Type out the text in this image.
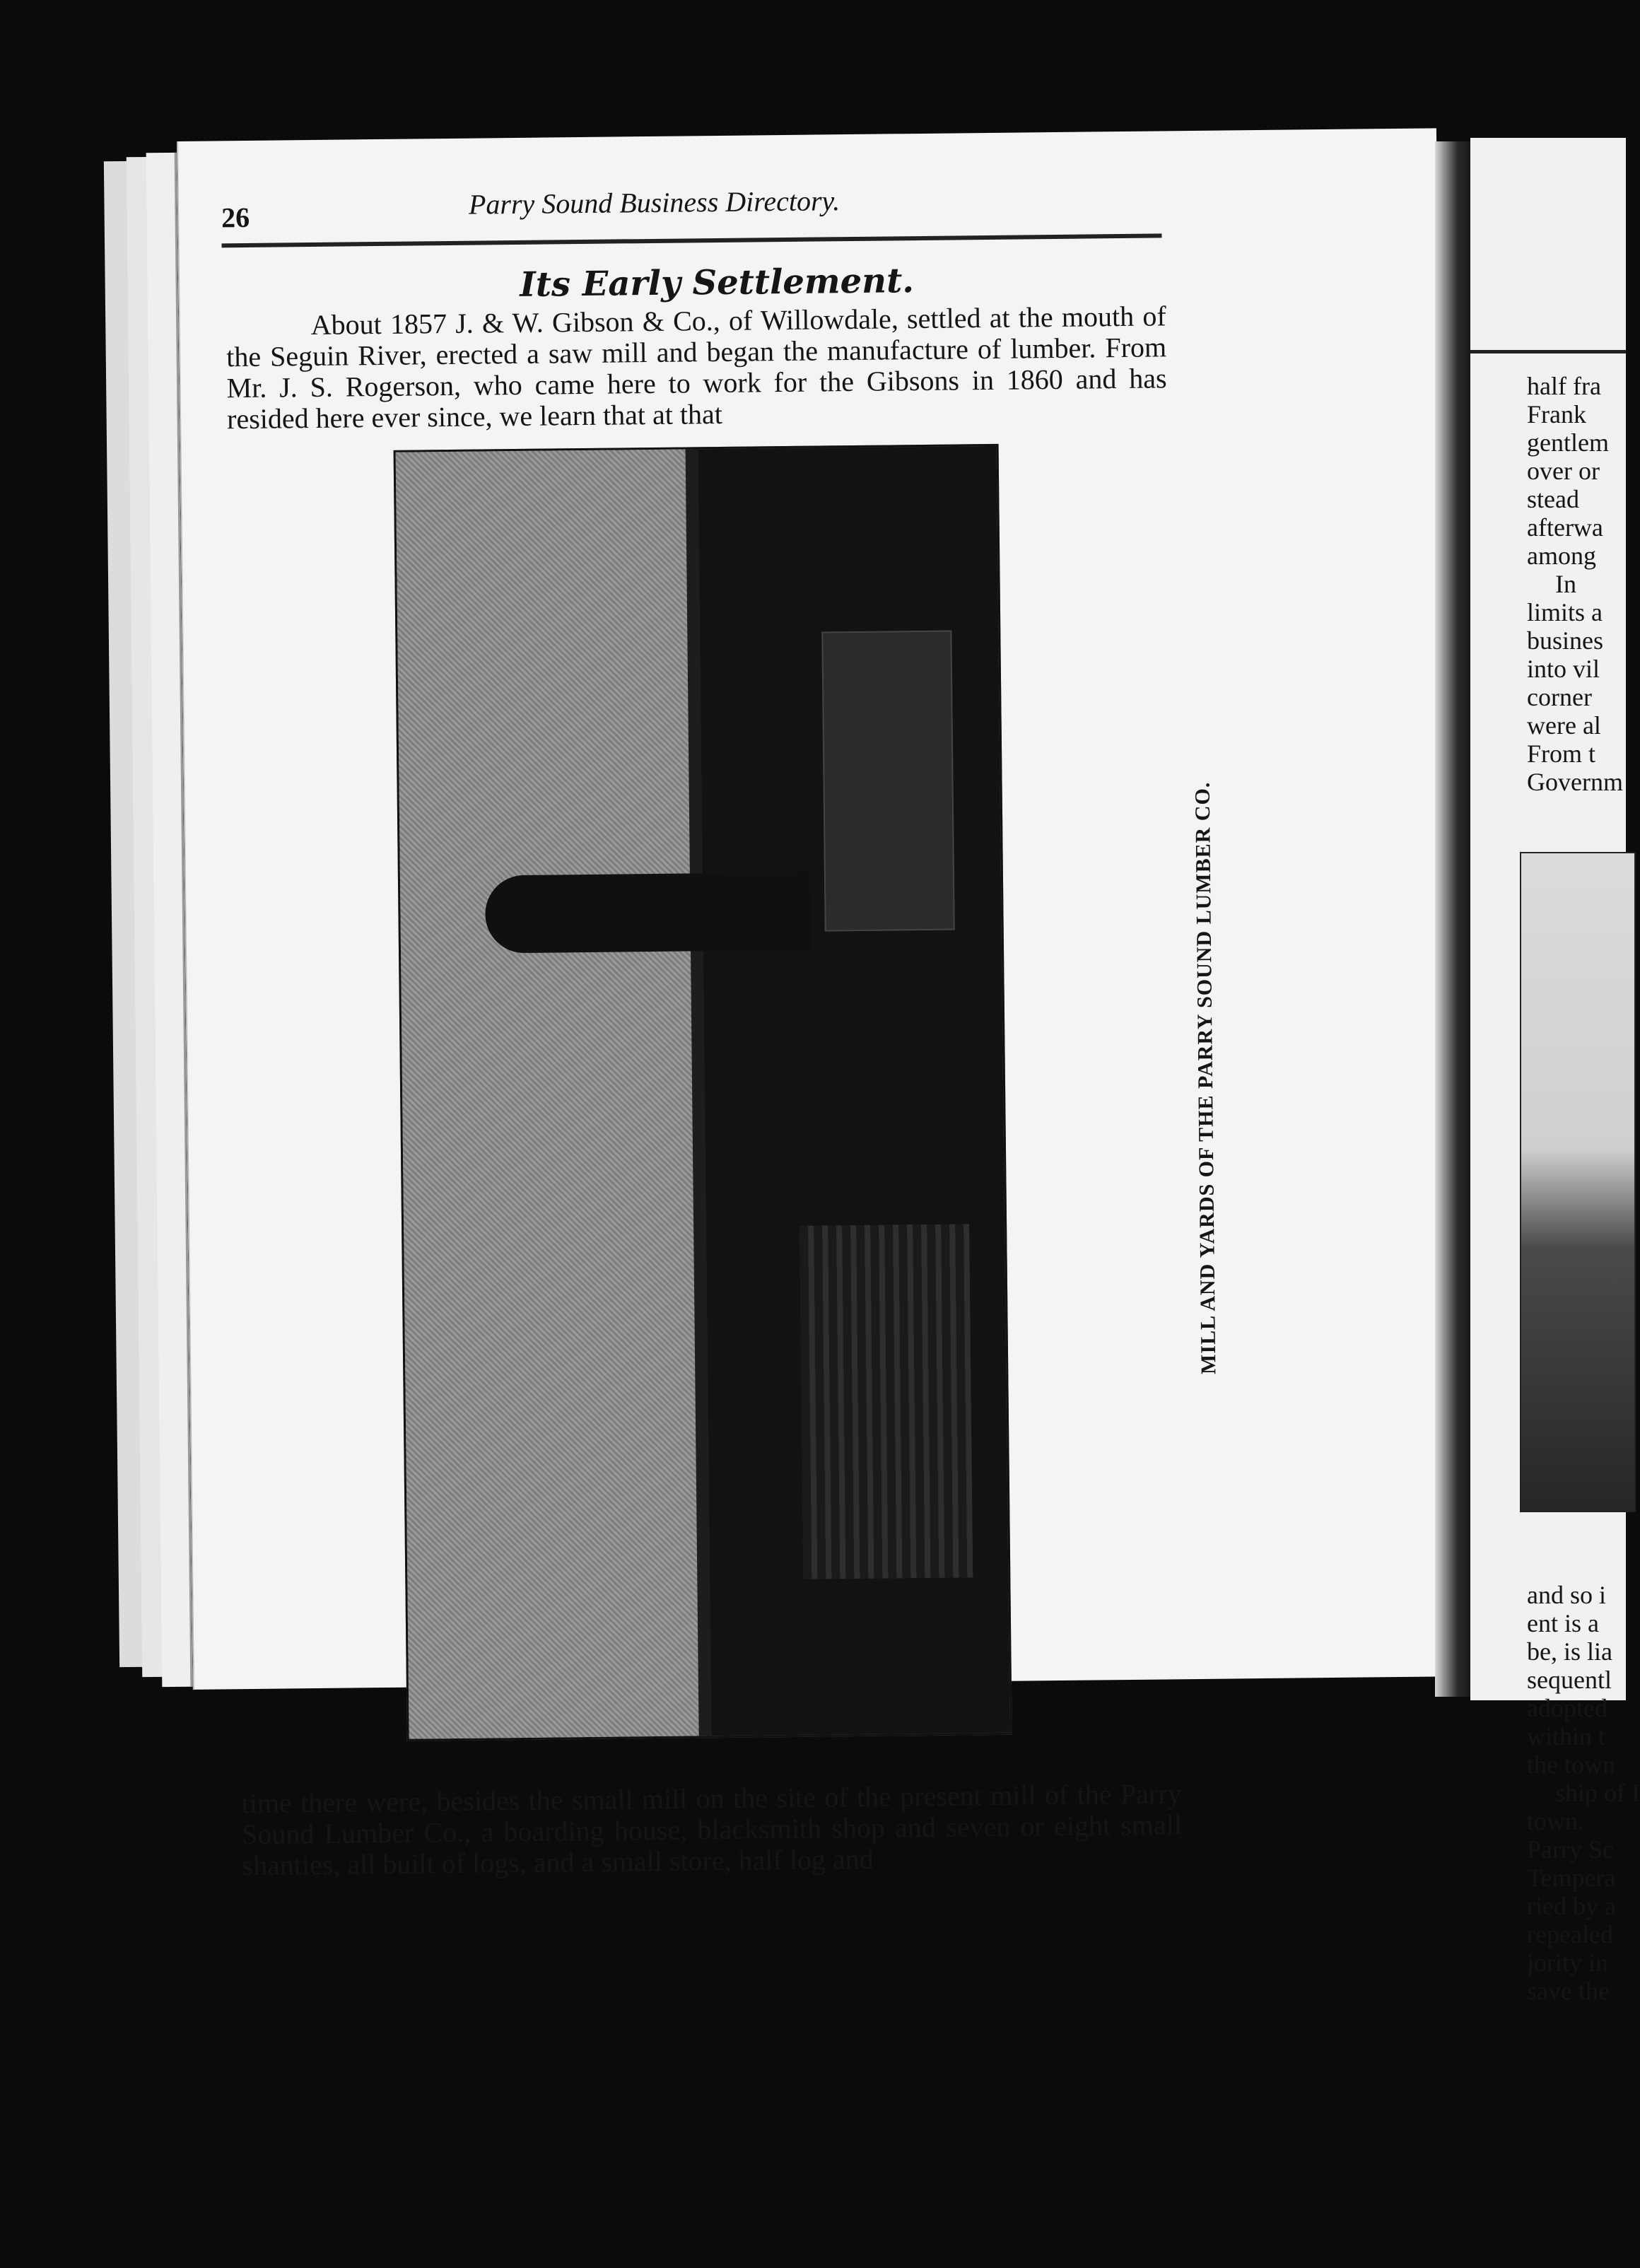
26	Parry Sound Business Directory.
Its Early Settlement.
About 1857 J. & W. Gibson & Co., of Willowdale, settled at the mouth of the Seguin River, erected a saw mill and began the manufacture of lumber. From Mr. J. S. Rogerson, who came here to work for the Gibsons in 1860 and has resided here ever since, we learn that at that
MILL AND YARDS OF THE PARRY SOUND LUMBER CO.
time there were, besides the small mill on the site of the present mill of the Parry Sound Lumber Co., a boarding house, blacksmith shop and seven or eight small shanties, all built of logs, and a small store, half log and
half fra
Frank
gentlem
over or
stead
afterwa
among
In
limits a
busines
into vil
corner
were al
From t
Governm
and so i
ent is a
be, is lia
sequentl
adopted
within t
the town
ship of I
town.
Parry Sc
Tempera
ried by a
repealed
jority in
save the
